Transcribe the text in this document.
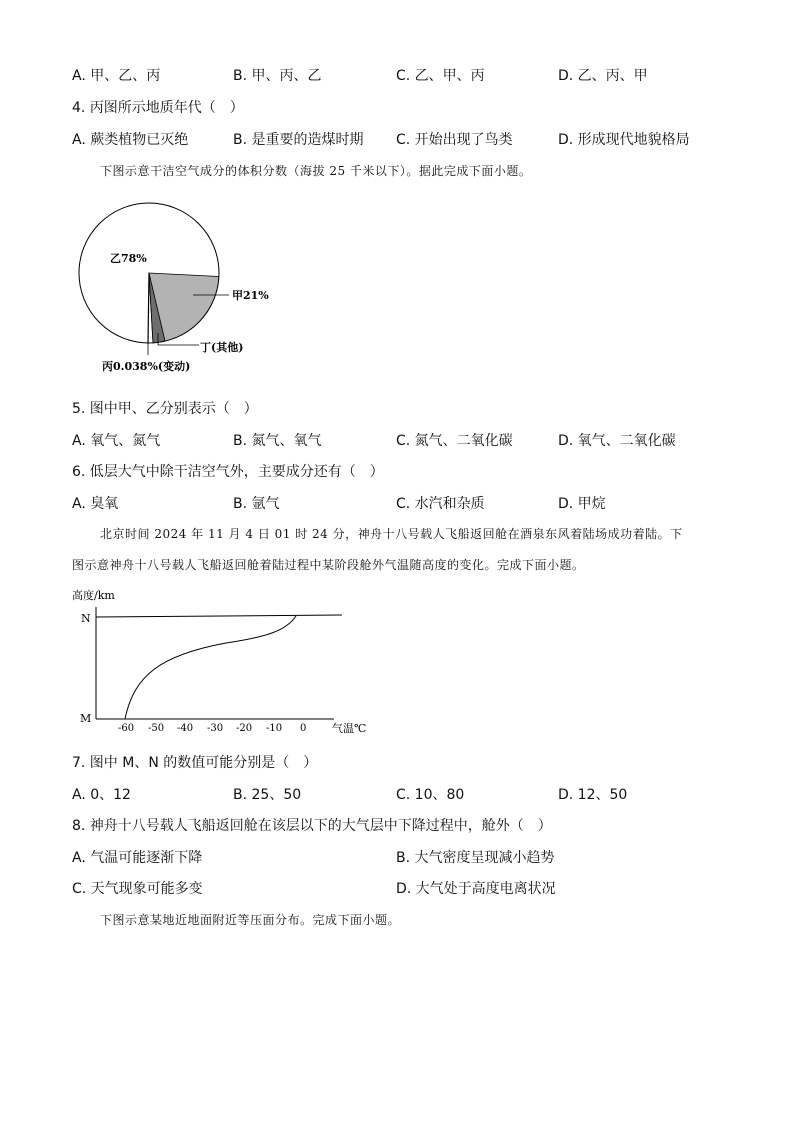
A. 甲、乙、丙	B. 甲、丙、乙	C. 乙、甲、丙	D. 乙、丙、甲
4. 丙图所示地质年代（　）
A. 蕨类植物已灭绝	B. 是重要的造煤时期 C. 开始出现了鸟类	D. 形成现代地貌格局
下图示意干洁空气成分的体积分数（海拔 25 千米以下）。据此完成下面小题。
乙78%
甲21%
丁(其他)
丙0.038%(变动)
5. 图中甲、乙分别表示（　）
A. 氧气、氮气	B. 氮气、氧气	C. 氮气、二氧化碳	D. 氧气、二氧化碳
6. 低层大气中除干洁空气外，主要成分还有（　）
A. 臭氧	B. 氩气	C. 水汽和杂质	D. 甲烷
北京时间 2024 年 11 月 4 日 01 时 24 分，神舟十八号载人飞船返回舱在酒泉东风着陆场成功着陆。下
图示意神舟十八号载人飞船返回舱着陆过程中某阶段舱外气温随高度的变化。完成下面小题。
高度/km
N
M
-60 -50 -40 -30 -20 -10 0 气温℃
7. 图中 M、N 的数值可能分别是（　）
A. 0、12	B. 25、50	C. 10、80	D. 12、50
8. 神舟十八号载人飞船返回舱在该层以下的大气层中下降过程中，舱外（　）
A. 气温可能逐渐下降	B. 大气密度呈现减小趋势
C. 天气现象可能多变	D. 大气处于高度电离状况
下图示意某地近地面附近等压面分布。完成下面小题。
